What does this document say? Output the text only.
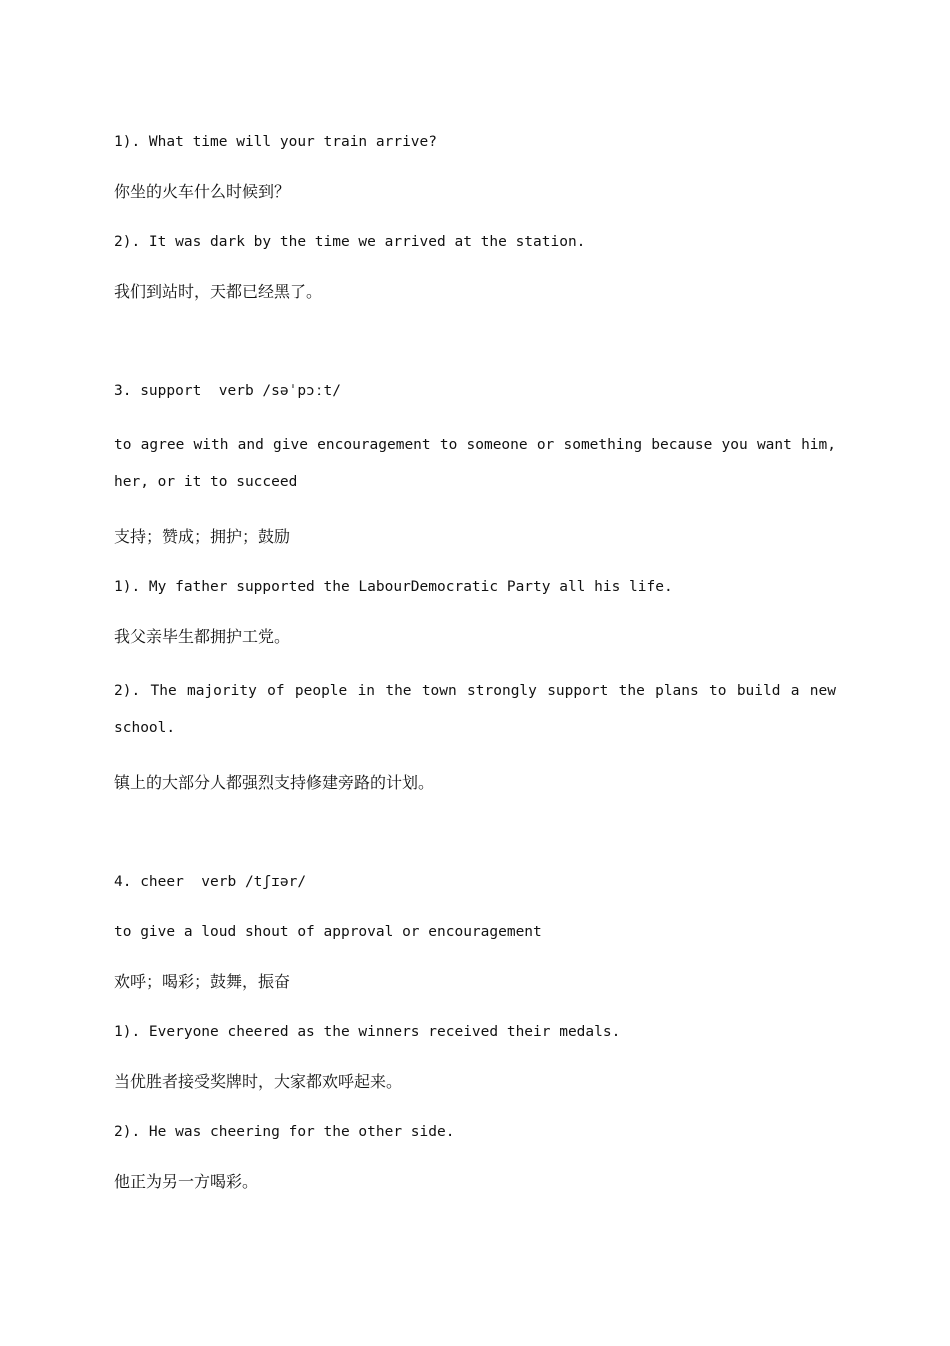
1). What time will your train arrive?
你坐的火车什么时候到？
2). It was dark by the time we arrived at the station.
我们到站时，天都已经黑了。
3. support  verb /səˈpɔːt/
to agree with and give encouragement to someone or something because you want him, her, or it to succeed
支持；赞成；拥护；鼓励
1). My father supported the LabourDemocratic Party all his life.
我父亲毕生都拥护工党。
2). The majority of people in the town strongly support the plans to build a new school.
镇上的大部分人都强烈支持修建旁路的计划。
4. cheer  verb /tʃɪər/
to give a loud shout of approval or encouragement
欢呼；喝彩；鼓舞，振奋
1). Everyone cheered as the winners received their medals.
当优胜者接受奖牌时，大家都欢呼起来。
2). He was cheering for the other side.
他正为另一方喝彩。
